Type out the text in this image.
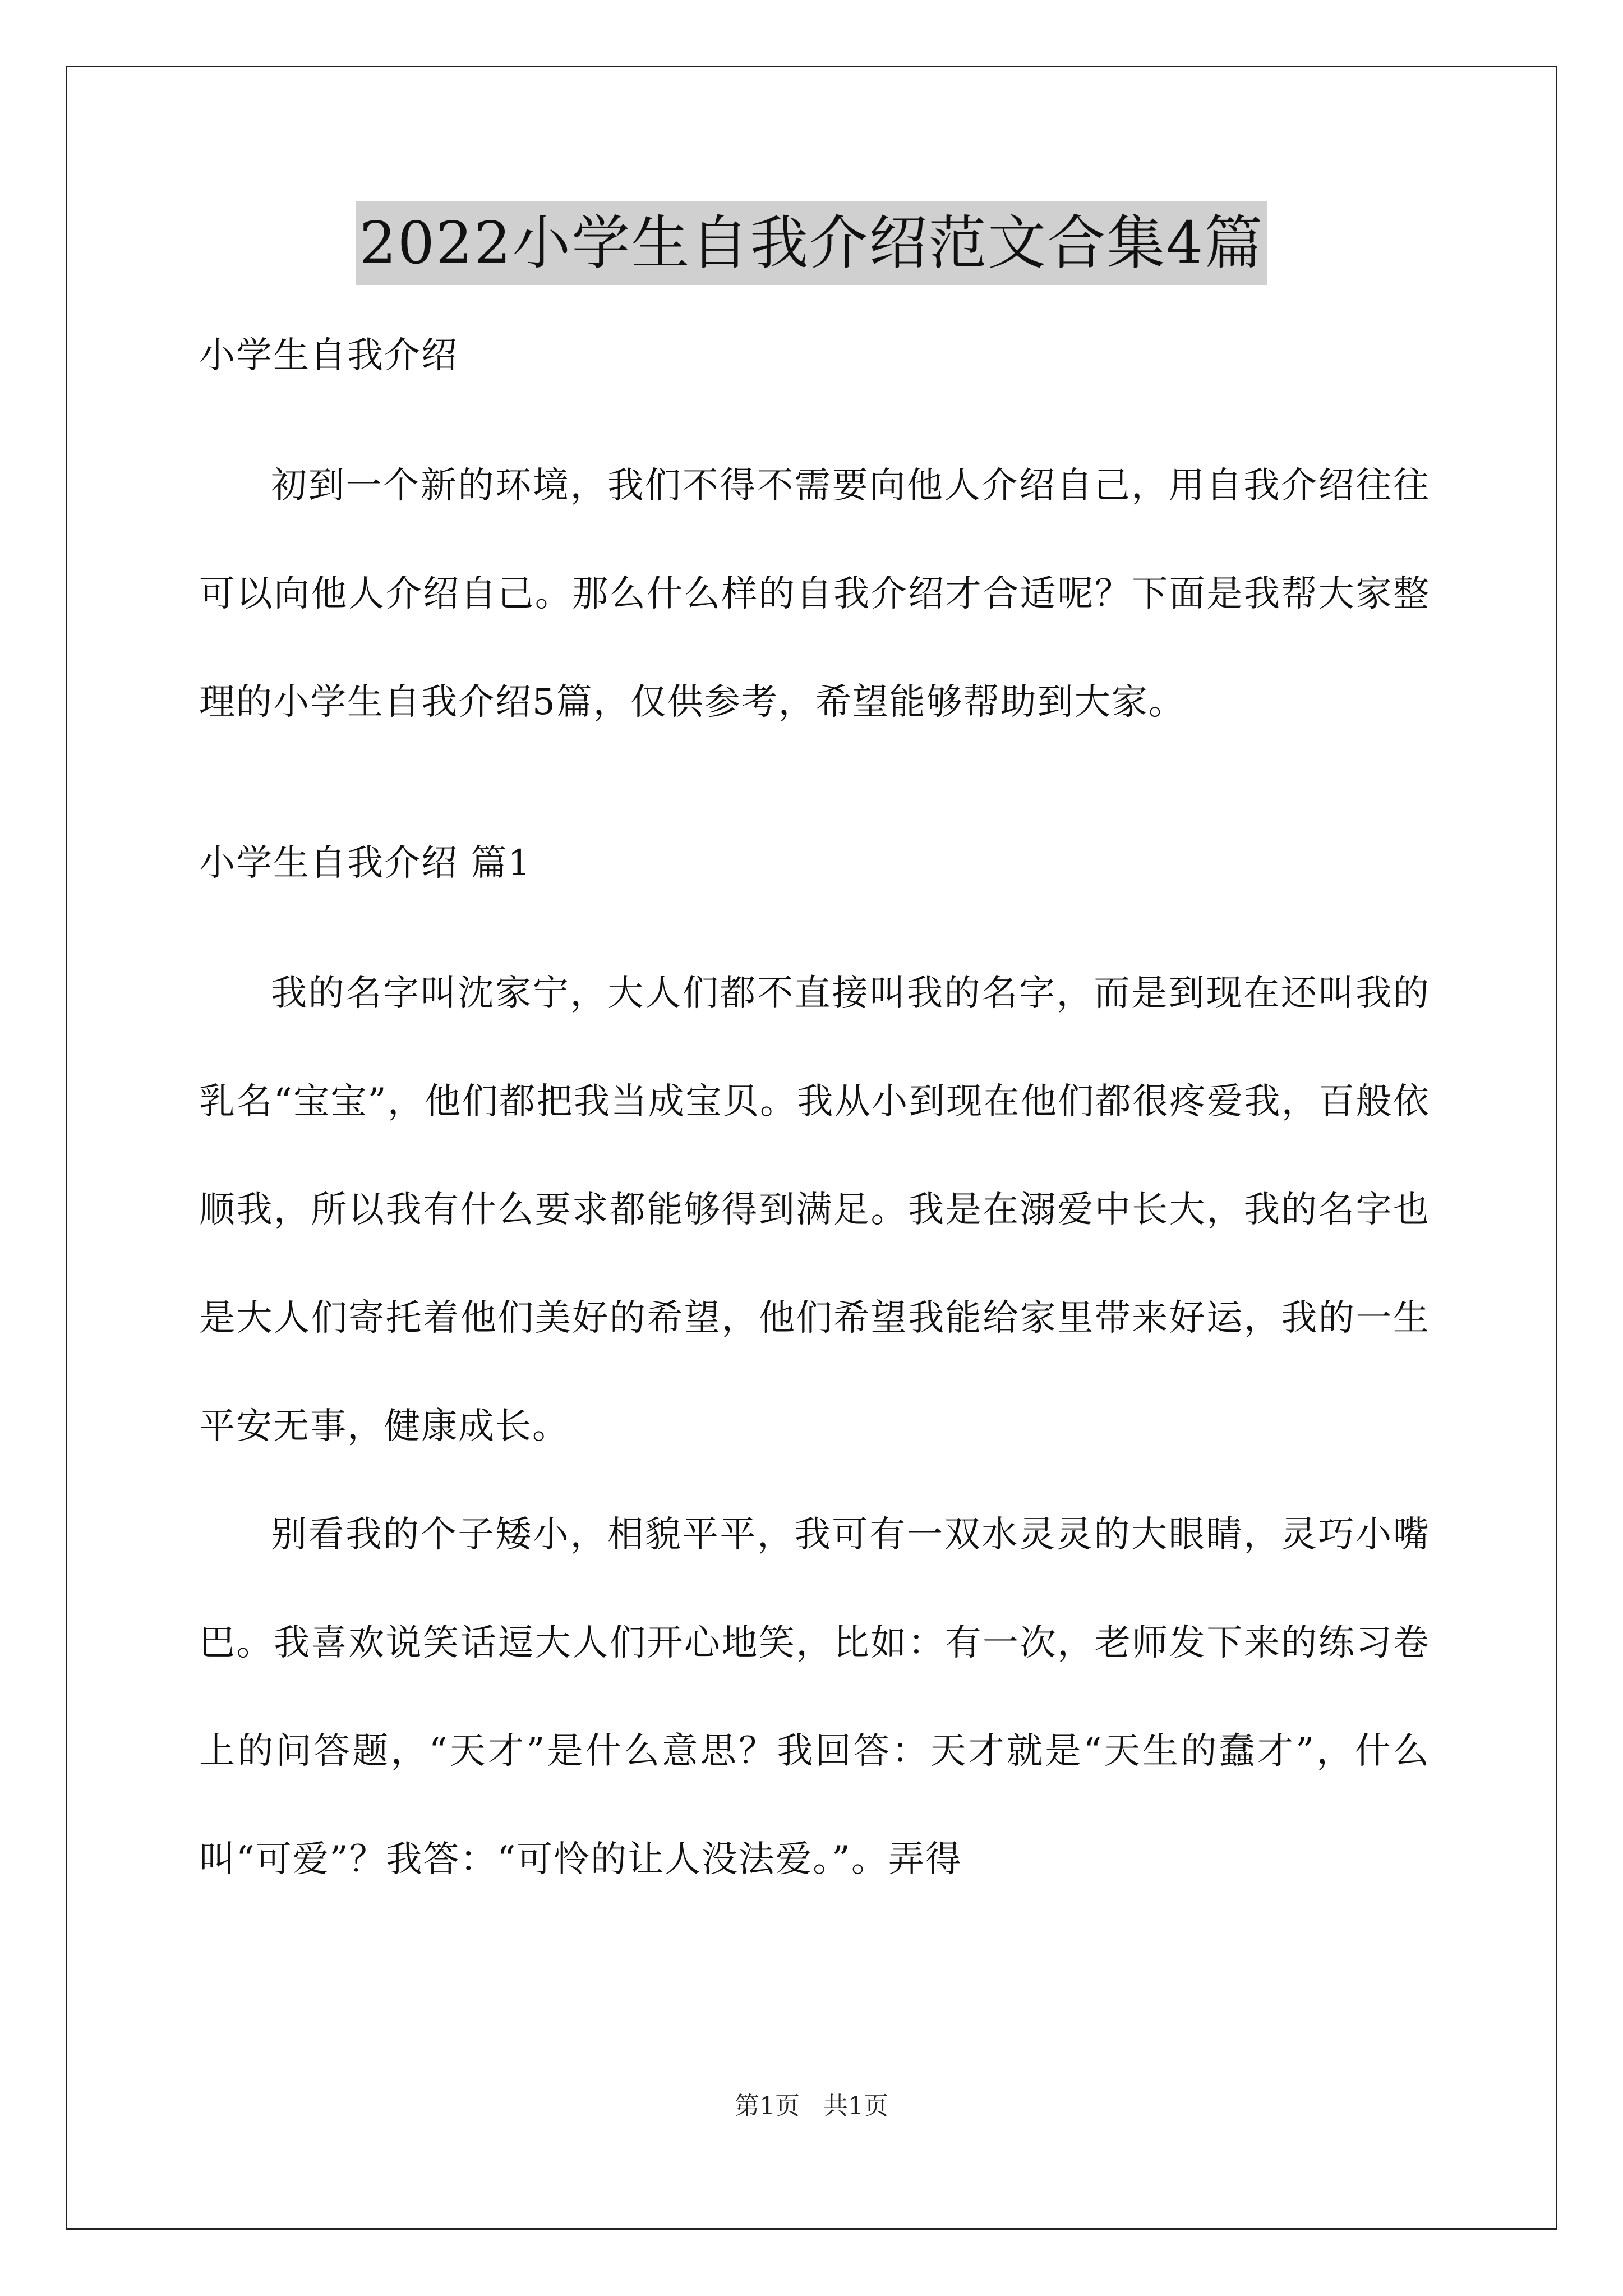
2022小学生自我介绍范文合集4篇
小学生自我介绍

初到一个新的环境，我们不得不需要向他人介绍自己，用自我介绍往往可以向他人介绍自己。那么什么样的自我介绍才合适呢？下面是我帮大家整理的小学生自我介绍5篇，仅供参考，希望能够帮助到大家。

小学生自我介绍 篇1

我的名字叫沈家宁，大人们都不直接叫我的名字，而是到现在还叫我的乳名“宝宝”，他们都把我当成宝贝。我从小到现在他们都很疼爱我，百般依顺我，所以我有什么要求都能够得到满足。我是在溺爱中长大，我的名字也是大人们寄托着他们美好的希望，他们希望我能给家里带来好运，我的一生平安无事，健康成长。

别看我的个子矮小，相貌平平，我可有一双水灵灵的大眼睛，灵巧小嘴巴。我喜欢说笑话逗大人们开心地笑，比如：有一次，老师发下来的练习卷上的问答题，“天才”是什么意思？我回答：天才就是“天生的蠢才”，什么叫“可爱”？我答：“可怜的让人没法爱。”。弄得

第1页   共1页
